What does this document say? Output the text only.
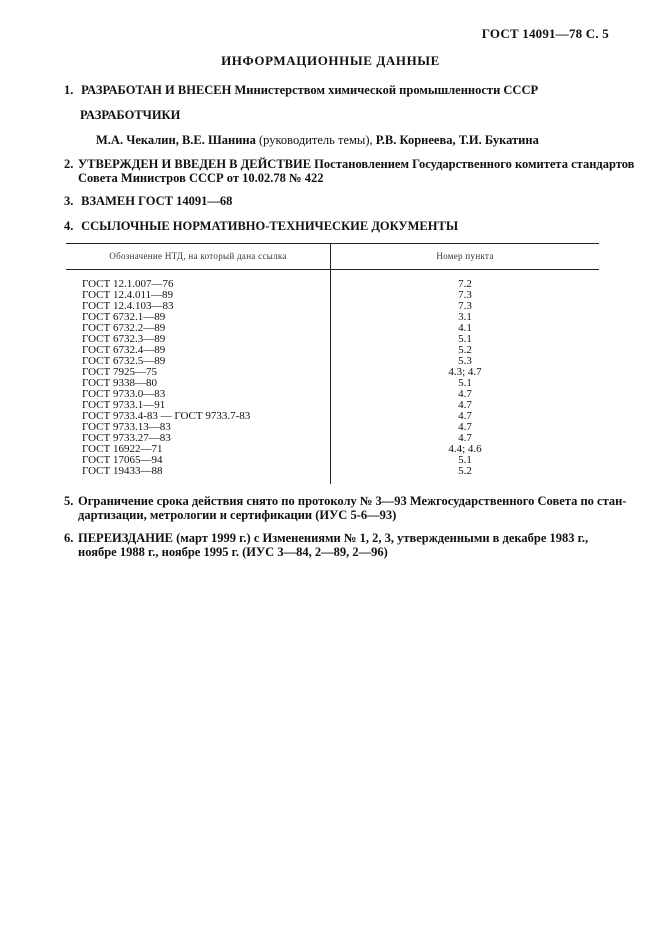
ГОСТ 14091—78 С. 5
ИНФОРМАЦИОННЫЕ ДАННЫЕ
1. РАЗРАБОТАН И ВНЕСЕН Министерством химической промышленности СССР
РАЗРАБОТЧИКИ
М.А. Чекалин, В.Е. Шанина (руководитель темы), Р.В. Корнеева, Т.И. Букатина
2. УТВЕРЖДЕН И ВВЕДЕН В ДЕЙСТВИЕ Постановлением Государственного комитета стандартов
Совета Министров СССР от 10.02.78 № 422
3. ВЗАМЕН ГОСТ 14091—68
4. ССЫЛОЧНЫЕ НОРМАТИВНО-ТЕХНИЧЕСКИЕ ДОКУМЕНТЫ
Обозначение НТД, на который дана ссылка	Номер пункта
ГОСТ 12.1.007—76	7.2
ГОСТ 12.4.011—89	7.3
ГОСТ 12.4.103—83	7.3
ГОСТ 6732.1—89	3.1
ГОСТ 6732.2—89	4.1
ГОСТ 6732.3—89	5.1
ГОСТ 6732.4—89	5.2
ГОСТ 6732.5—89	5.3
ГОСТ 7925—75	4.3; 4.7
ГОСТ 9338—80	5.1
ГОСТ 9733.0—83	4.7
ГОСТ 9733.1—91	4.7
ГОСТ 9733.4-83 — ГОСТ 9733.7-83	4.7
ГОСТ 9733.13—83	4.7
ГОСТ 9733.27—83	4.7
ГОСТ 16922—71	4.4; 4.6
ГОСТ 17065—94	5.1
ГОСТ 19433—88	5.2
5. Ограничение срока действия снято по протоколу № 3—93 Межгосударственного Совета по стан-
дартизации, метрологии и сертификации (ИУС 5-6—93)
6. ПЕРЕИЗДАНИЕ (март 1999 г.) с Изменениями № 1, 2, 3, утвержденными в декабре 1983 г.,
ноябре 1988 г., ноябре 1995 г. (ИУС 3—84, 2—89, 2—96)
